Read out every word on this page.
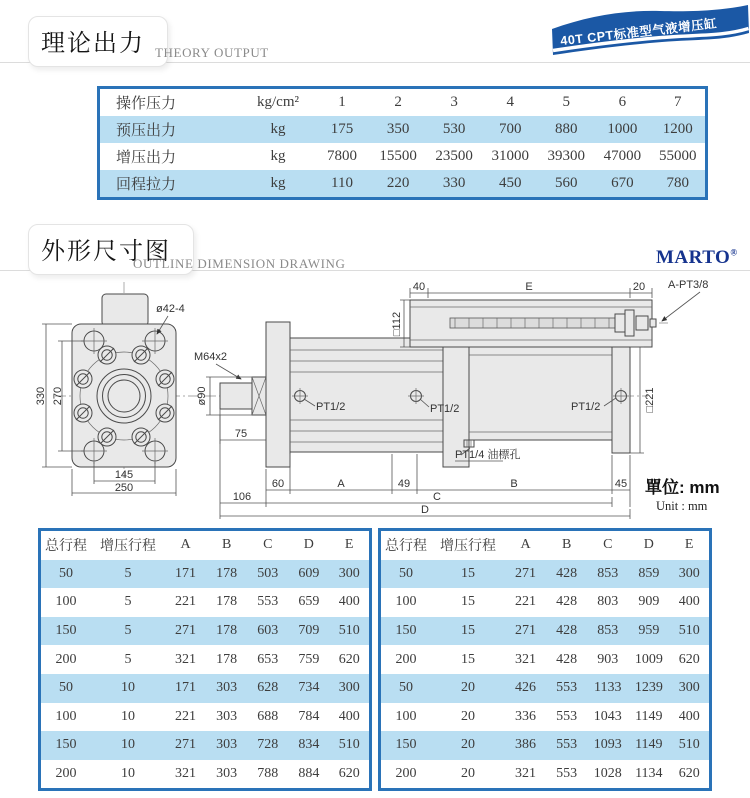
40T CPT标准型气液增压缸
理论出力 THEORY OUTPUT
操作压力	kg/cm²	1	2	3	4	5	6	7
预压出力	kg	175	350	530	700	880	1000	1200
增压出力	kg	7800	15500	23500	31000	39300	47000	55000
回程拉力	kg	110	220	330	450	560	670	780
外形尺寸图
OUTLINE DIMENSION DRAWING	MARTO®
ø42-4
330 270
145
250
M64x2
ø90
75
106
40	E	20 A-PT3/8
□112
□221
PT1/2	PT1/2	PT1/2
PT1/4 油標孔
60	A	49	B	45
C
D
單位: mm
Unit : mm
总行程	增压行程	A	B	C	D	E
50	5	171	178	503	609	300
100	5	221	178	553	659	400
150	5	271	178	603	709	510
200	5	321	178	653	759	620
50	10	171	303	628	734	300
100	10	221	303	688	784	400
150	10	271	303	728	834	510
200	10	321	303	788	884	620
总行程	增压行程	A	B	C	D	E
50	15	271	428	853	859	300
100	15	221	428	803	909	400
150	15	271	428	853	959	510
200	15	321	428	903	1009	620
50	20	426	553	1133	1239	300
100	20	336	553	1043	1149	400
150	20	386	553	1093	1149	510
200	20	321	553	1028	1134	620
